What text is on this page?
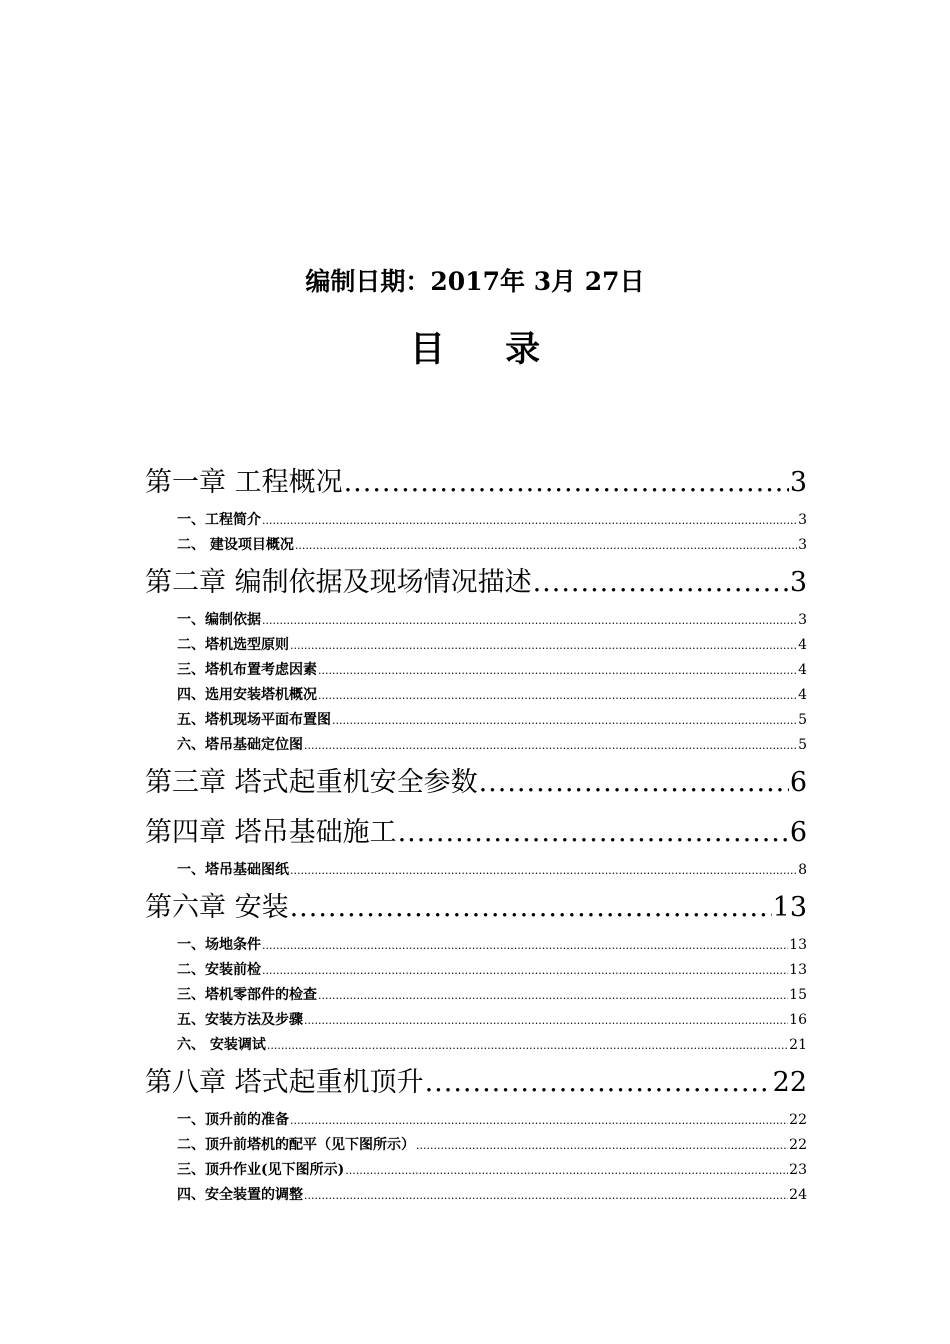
编制日期：2017年 3月 27日
目 录
第一章 工程概况 .....	3
一、工程简介 .....	3
二、 建设项目概况 .....	3
第二章 编制依据及现场情况描述 .....	3
一、编制依据 .....	3
二、塔机选型原则 .....	4
三、塔机布置考虑因素 .....	4
四、选用安装塔机概况 .....	4
五、塔机现场平面布置图 .....	5
六、塔吊基础定位图 .....	5
第三章 塔式起重机安全参数 .....	6
第四章 塔吊基础施工 .....	6
一、塔吊基础图纸 .....	8
第六章 安装 .....	13
一、场地条件 .....	13
二、安装前检 .....	13
三、塔机零部件的检查 .....	15
五、安装方法及步骤 .....	16
六、 安装调试 .....	21
第八章 塔式起重机顶升 .....	22
一、顶升前的准备 .....	22
二、顶升前塔机的配平（见下图所示） .....	22
三、顶升作业(见下图所示) .....	23
四、安全装置的调整 .....	24
